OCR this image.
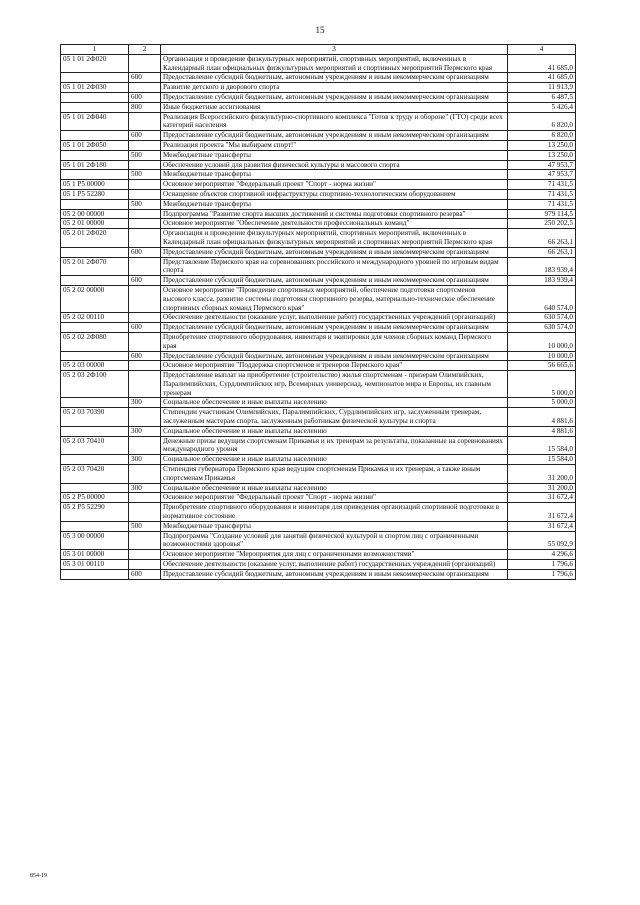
15
1	2	3	4
05 1 01 2Ф020		Организация и проведение физкультурных мероприятий, спортивных мероприятий, включенных в Календарный план официальных физкультурных мероприятий и спортивных мероприятий Пермского края	41 685,0
	600	Предоставление субсидий бюджетным, автономным учреждениям и иным некоммерческим организациям	41 685,0
05 1 01 2Ф030		Развитие детского и дворового спорта	11 913,9
	600	Предоставление субсидий бюджетным, автономным учреждениям и иным некоммерческим организациям	6 487,5
	800	Иные бюджетные ассигнования	5 426,4
05 1 01 2Ф040		Реализация Всероссийского физкультурно-спортивного комплекса "Готов к труду и обороне" (ГТО) среди всех категорий населения	6 820,0
	600	Предоставление субсидий бюджетным, автономным учреждениям и иным некоммерческим организациям	6 820,0
05 1 01 2Ф050		Реализация проекта "Мы выбираем спорт!"	13 250,0
	500	Межбюджетные трансферты	13 250,0
05 1 01 2Ф180		Обеспечение условий для развития физической культуры и массового спорта	47 953,7
	500	Межбюджетные трансферты	47 953,7
05 1 Р5 00000		Основное мероприятие "Федеральный проект "Спорт - норма жизни"	71 431,5
05 1 Р5 52280		Оснащение объектов спортивной инфраструктуры спортивно-технологическим оборудованием	71 431,5
	500	Межбюджетные трансферты	71 431,5
05 2 00 00000		Подпрограмма "Развитие спорта высших достижений и системы подготовки спортивного резерва"	979 114,5
05 2 01 00000		Основное мероприятие "Обеспечение деятельности профессиональных команд"	250 202,5
05 2 01 2Ф020		Организация и проведение физкультурных мероприятий, спортивных мероприятий, включенных в Календарный план официальных физкультурных мероприятий и спортивных мероприятий Пермского края	66 263,1
	600	Предоставление субсидий бюджетным, автономным учреждениям и иным некоммерческим организациям	66 263,1
05 2 01 2Ф070		Представление Пермского края на соревнованиях российского и международного уровней по игровым видам спорта	183 939,4
	600	Предоставление субсидий бюджетным, автономным учреждениям и иным некоммерческим организациям	183 939,4
05 2 02 00000		Основное мероприятие "Проведение спортивных мероприятий, обеспечение подготовки спортсменов высокого класса, развитие системы подготовки спортивного резерва, материально-техническое обеспечение спортивных сборных команд Пермского края"	640 574,0
05 2 02 00110		Обеспечение деятельности (оказание услуг, выполнение работ) государственных учреждений (организаций)	630 574,0
	600	Предоставление субсидий бюджетным, автономным учреждениям и иным некоммерческим организациям	630 574,0
05 2 02 2Ф080		Приобретение спортивного оборудования, инвентаря и экипировки для членов сборных команд Пермского края	10 000,0
	600	Предоставление субсидий бюджетным, автономным учреждениям и иным некоммерческим организациям	10 000,0
05 2 03 00000		Основное мероприятие "Поддержка спортсменов и тренеров Пермского края"	56 665,6
05 2 03 2Ф100		Предоставление выплат на приобретение (строительство) жилья спортсменам - призерам Олимпийских, Паралимпийских, Сурдлимпийских игр, Всемирных универсиад, чемпионатов мира и Европы, их главным тренерам	5 000,0
	300	Социальное обеспечение и иные выплаты населению	5 000,0
05 2 03 70390		Стипендии участникам Олимпийских, Паралимпийских, Сурдлимпийских игр, заслуженным тренерам, заслуженным мастерам спорта, заслуженным работникам физической культуры и спорта	4 881,6
	300	Социальное обеспечение и иные выплаты населению	4 881,6
05 2 03 70410		Денежные призы ведущим спортсменам Прикамья и их тренерам за результаты, показанные на соревнованиях международного уровня	15 584,0
	300	Социальное обеспечение и иные выплаты населению	15 584,0
05 2 03 70420		Стипендия губернатора Пермского края ведущим спортсменам Прикамья и их тренерам, а также юным спортсменам Прикамья	31 200,0
	300	Социальное обеспечение и иные выплаты населению	31 200,0
05 2 Р5 00000		Основное мероприятие "Федеральный проект "Спорт - норма жизни"	31 672,4
05 2 Р5 52290		Приобретение спортивного оборудования и инвентаря для приведения организаций спортивной подготовки в нормативное состояние	31 672,4
	500	Межбюджетные трансферты	31 672,4
05 3 00 00000		Подпрограмма "Создание условий для занятий физической культурой и спортом лиц с ограниченными возможностями здоровья"	55 092,9
05 3 01 00000		Основное мероприятие "Мероприятия для лиц с ограниченными возможностями"	4 296,6
05 3 01 00110		Обеспечение деятельности (оказание услуг, выполнение работ) государственных учреждений (организаций)	1 796,6
	600	Предоставление субсидий бюджетным, автономным учреждениям и иным некоммерческим организациям	1 796,6
854-19
